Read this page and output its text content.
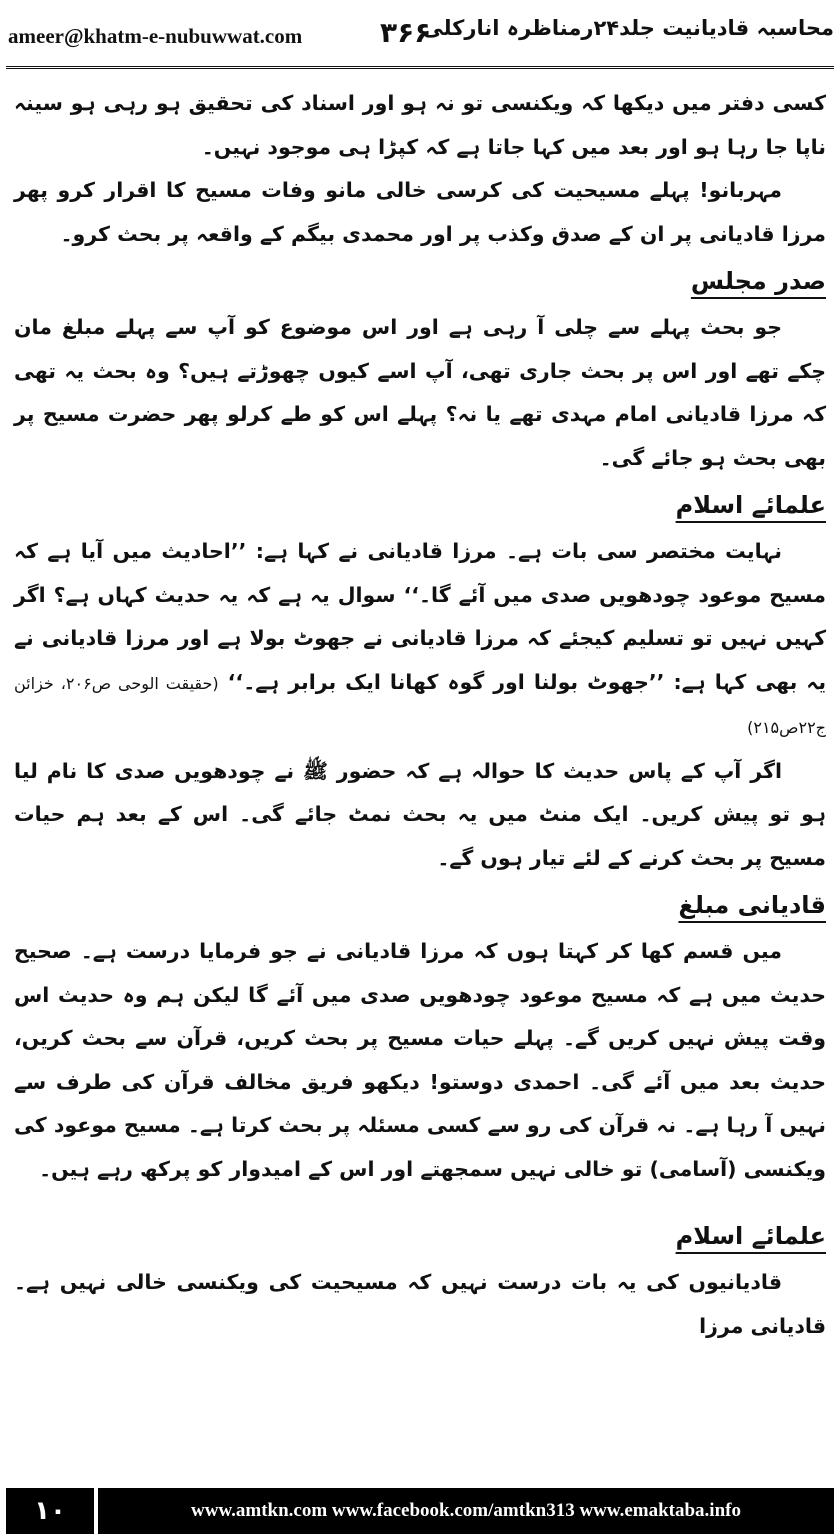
ameer@khatm-e-nubuwwat.com	۳۶۶
محاسبہ قادیانیت جلد۲۴رمناظرہ انارکلی

کسی دفتر میں دیکھا کہ ویکنسی تو نہ ہو اور اسناد کی تحقیق ہو رہی ہو سینہ ناپا جا رہا ہو اور بعد میں کہا جاتا ہے کہ کپڑا ہی موجود نہیں۔

مہربانو! پہلے مسیحیت کی کرسی خالی مانو وفات مسیح کا اقرار کرو پھر مرزا قادیانی پر ان کے صدق وکذب پر اور محمدی بیگم کے واقعہ پر بحث کرو۔

صدر مجلس

جو بحث پہلے سے چلی آ رہی ہے اور اس موضوع کو آپ سے پہلے مبلغ مان چکے تھے اور اس پر بحث جاری تھی، آپ اسے کیوں چھوڑتے ہیں؟ وہ بحث یہ تھی کہ مرزا قادیانی امام مہدی تھے یا نہ؟ پہلے اس کو طے کرلو پھر حضرت مسیح پر بھی بحث ہو جائے گی۔

علمائے اسلام

نہایت مختصر سی بات ہے۔ مرزا قادیانی نے کہا ہے: ’’احادیث میں آیا ہے کہ مسیح موعود چودھویں صدی میں آئے گا۔‘‘ سوال یہ ہے کہ یہ حدیث کہاں ہے؟ اگر کہیں نہیں تو تسلیم کیجئے کہ مرزا قادیانی نے جھوٹ بولا ہے اور مرزا قادیانی نے یہ بھی کہا ہے: ’’جھوٹ بولنا اور گوہ کھانا ایک برابر ہے۔‘‘ (حقیقت الوحی ص۲۰۶، خزائن ج۲۲ص۲۱۵)

اگر آپ کے پاس حدیث کا حوالہ ہے کہ حضور ﷺ نے چودھویں صدی کا نام لیا ہو تو پیش کریں۔ ایک منٹ میں یہ بحث نمٹ جائے گی۔ اس کے بعد ہم حیات مسیح پر بحث کرنے کے لئے تیار ہوں گے۔

قادیانی مبلغ

میں قسم کھا کر کہتا ہوں کہ مرزا قادیانی نے جو فرمایا درست ہے۔ صحیح حدیث میں ہے کہ مسیح موعود چودھویں صدی میں آئے گا لیکن ہم وہ حدیث اس وقت پیش نہیں کریں گے۔ پہلے حیات مسیح پر بحث کریں، قرآن سے بحث کریں، حدیث بعد میں آئے گی۔ احمدی دوستو! دیکھو فریق مخالف قرآن کی طرف سے نہیں آ رہا ہے۔ نہ قرآن کی رو سے کسی مسئلہ پر بحث کرتا ہے۔ مسیح موعود کی ویکنسی (آسامی) تو خالی نہیں سمجھتے اور اس کے امیدوار کو پرکھ رہے ہیں۔

علمائے اسلام

قادیانیوں کی یہ بات درست نہیں کہ مسیحیت کی ویکنسی خالی نہیں ہے۔ قادیانی مرزا

۱۰	www.amtkn.com www.facebook.com/amtkn313 www.emaktaba.info
